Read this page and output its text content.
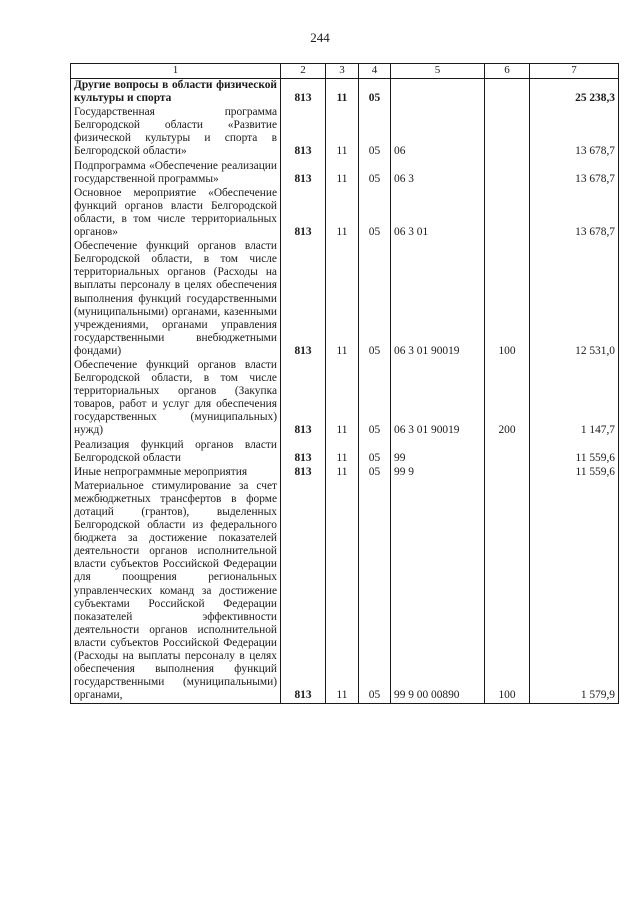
244
1	2	3	4	5	6	7
Другие вопросы в области физической культуры и спорта	813	11	05			25 238,3
Государственная программа Белгородской области «Развитие физической культуры и спорта в Белгородской области»	813	11	05	06		13 678,7
Подпрограмма «Обеспечение реализации государственной программы»	813	11	05	06 3		13 678,7
Основное мероприятие «Обеспечение функций органов власти Белгородской области, в том числе территориальных органов»	813	11	05	06 3 01		13 678,7
Обеспечение функций органов власти Белгородской области, в том числе территориальных органов (Расходы на выплаты персоналу в целях обеспечения выполнения функций государственными (муниципальными) органами, казенными учреждениями, органами управления государственными внебюджетными фондами)	813	11	05	06 3 01 90019	100	12 531,0
Обеспечение функций органов власти Белгородской области, в том числе территориальных органов (Закупка товаров, работ и услуг для обеспечения государственных (муниципальных) нужд)	813	11	05	06 3 01 90019	200	1 147,7
Реализация функций органов власти Белгородской области	813	11	05	99		11 559,6
Иные непрограммные мероприятия	813	11	05	99 9		11 559,6
Материальное стимулирование за счет межбюджетных трансфертов в форме дотаций (грантов), выделенных Белгородской области из федерального бюджета за достижение показателей деятельности органов исполнительной власти субъектов Российской Федерации для поощрения региональных управленческих команд за достижение субъектами Российской Федерации показателей эффективности деятельности органов исполнительной власти субъектов Российской Федерации (Расходы на выплаты персоналу в целях обеспечения выполнения функций государственными (муниципальными) органами,	813	11	05	99 9 00 00890	100	1 579,9
